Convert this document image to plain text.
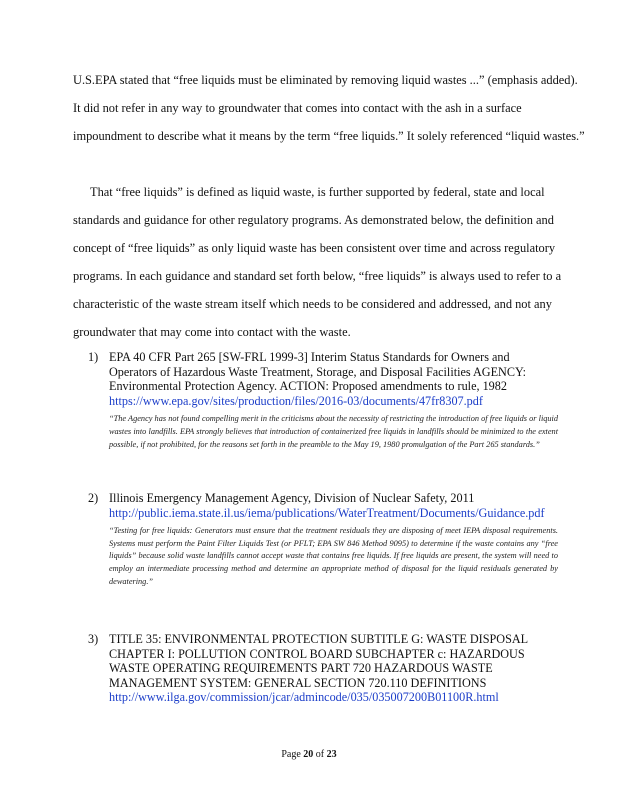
U.S.EPA stated that “free liquids must be eliminated by removing liquid wastes ...” (emphasis added). It did not refer in any way to groundwater that comes into contact with the ash in a surface impoundment to describe what it means by the term “free liquids.” It solely referenced “liquid wastes.”

That “free liquids” is defined as liquid waste, is further supported by federal, state and local standards and guidance for other regulatory programs. As demonstrated below, the definition and concept of “free liquids” as only liquid waste has been consistent over time and across regulatory programs. In each guidance and standard set forth below, “free liquids” is always used to refer to a characteristic of the waste stream itself which needs to be considered and addressed, and not any groundwater that may come into contact with the waste.

1) EPA 40 CFR Part 265 [SW-FRL 1999-3] Interim Status Standards for Owners and Operators of Hazardous Waste Treatment, Storage, and Disposal Facilities AGENCY: Environmental Protection Agency. ACTION: Proposed amendments to rule, 1982
https://www.epa.gov/sites/production/files/2016-03/documents/47fr8307.pdf
“The Agency has not found compelling merit in the criticisms about the necessity of restricting the introduction of free liquids or liquid wastes into landfills. EPA strongly believes that introduction of containerized free liquids in landfills should be minimized to the extent possible, if not prohibited, for the reasons set forth in the preamble to the May 19, 1980 promulgation of the Part 265 standards.”
2) Illinois Emergency Management Agency, Division of Nuclear Safety, 2011
http://public.iema.state.il.us/iema/publications/WaterTreatment/Documents/Guidance.pdf
“Testing for free liquids: Generators must ensure that the treatment residuals they are disposing of meet IEPA disposal requirements. Systems must perform the Paint Filter Liquids Test (or PFLT; EPA SW 846 Method 9095) to determine if the waste contains any “free liquids” because solid waste landfills cannot accept waste that contains free liquids. If free liquids are present, the system will need to employ an intermediate processing method and determine an appropriate method of disposal for the liquid residuals generated by dewatering.”
3) TITLE 35: ENVIRONMENTAL PROTECTION SUBTITLE G: WASTE DISPOSAL CHAPTER I: POLLUTION CONTROL BOARD SUBCHAPTER c: HAZARDOUS WASTE OPERATING REQUIREMENTS PART 720 HAZARDOUS WASTE MANAGEMENT SYSTEM: GENERAL SECTION 720.110 DEFINITIONS
http://www.ilga.gov/commission/jcar/admincode/035/035007200B01100R.html
Page 20 of 23
